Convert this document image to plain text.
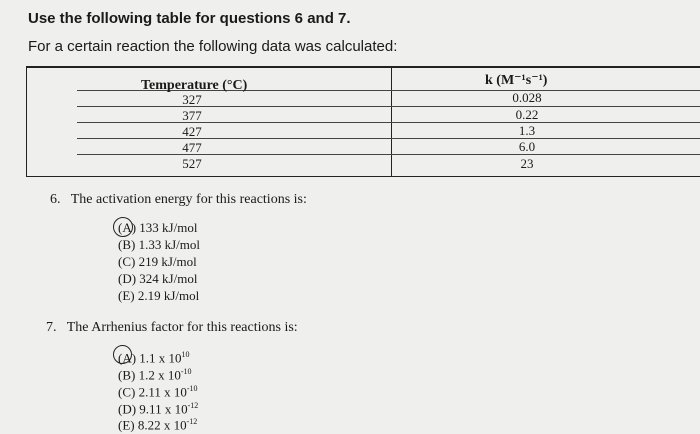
Use the following table for questions 6 and 7.
For a certain reaction the following data was calculated:
Temperature (°C)	k (M⁻¹s⁻¹)
327	0.028
377	0.22
427	1.3
477	6.0
527	23
6. The activation energy for this reactions is:
(A) 133 kJ/mol
(B) 1.33 kJ/mol
(C) 219 kJ/mol
(D) 324 kJ/mol
(E) 2.19 kJ/mol
7. The Arrhenius factor for this reactions is:
(A) 1.1 x $10^{10}$
(B) 1.2 x $10^{-10}$
(C) 2.11 x $10^{-10}$
(D) 9.11 x $10^{-12}$
(E) 8.22 x $10^{-12}$
